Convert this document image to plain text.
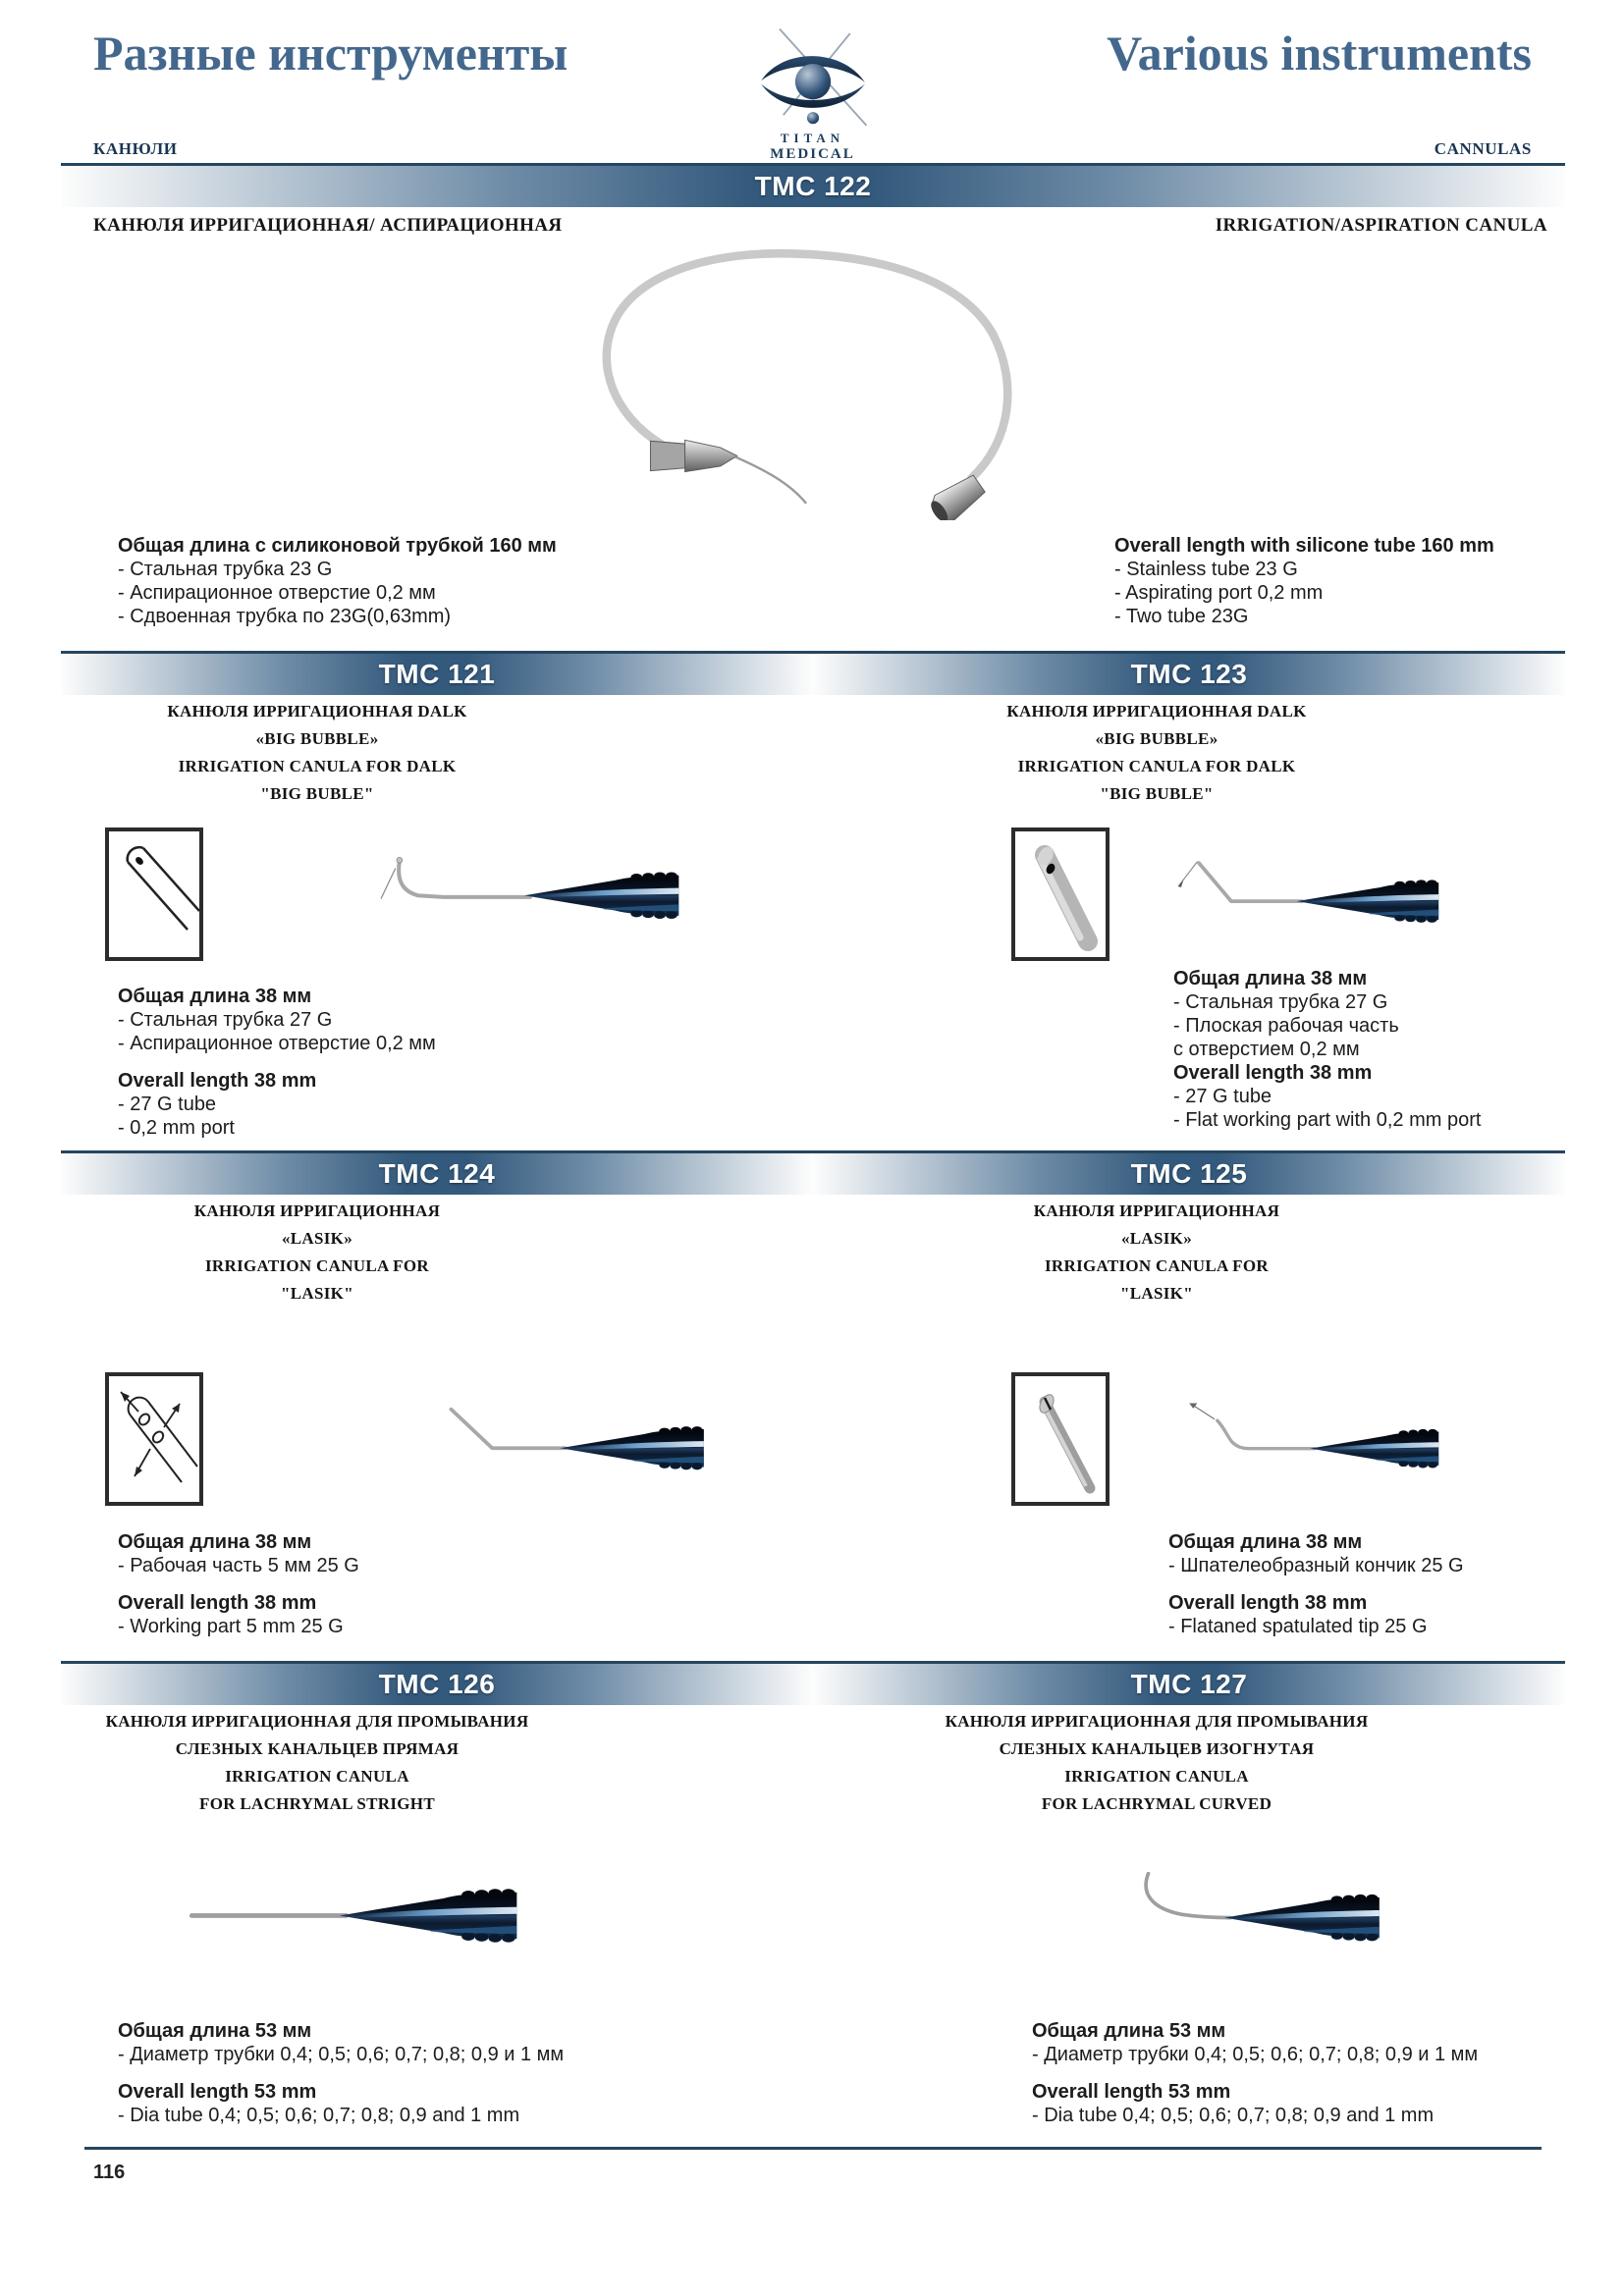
Разные инструменты
КАНЮЛИ
TITAN
MEDICAL
Various instruments
CANNULAS
TMC 122
КАНЮЛЯ ИРРИГАЦИОННАЯ/ АСПИРАЦИОННАЯ	IRRIGATION/ASPIRATION CANULA
Общая длина с силиконовой трубкой 160 мм
- Стальная трубка 23 G
- Аспирационное отверстие 0,2 мм
- Сдвоенная трубка по 23G(0,63mm)
Overall length with silicone tube 160 mm
- Stainless tube 23 G
- Aspirating port 0,2 mm
- Two tube 23G
TMC 121
КАНЮЛЯ ИРРИГАЦИОННАЯ DALK
«BIG BUBBLE»
IRRIGATION CANULA FOR DALK
"BIG BUBLE"
Общая длина 38 мм
- Стальная трубка 27 G
- Аспирационное отверстие 0,2 мм
Overall length 38 mm
- 27 G tube
- 0,2 mm port
TMC 123
КАНЮЛЯ ИРРИГАЦИОННАЯ DALK
«BIG BUBBLE»
IRRIGATION CANULA FOR DALK
"BIG BUBLE"
Общая длина 38 мм
- Стальная трубка 27 G
- Плоская рабочая часть
с отверстием 0,2 мм
Overall length 38 mm
- 27 G tube
- Flat working part with 0,2 mm port
TMC 124
КАНЮЛЯ ИРРИГАЦИОННАЯ
«LASIK»
IRRIGATION CANULA FOR
"LASIK"
Общая длина 38 мм
- Рабочая часть 5 мм 25 G
Overall length 38 mm
- Working part 5 mm 25 G
TMC 125
КАНЮЛЯ ИРРИГАЦИОННАЯ
«LASIK»
IRRIGATION CANULA FOR
"LASIK"
Общая длина 38 мм
- Шпателеобразный кончик 25 G
Overall length 38 mm
- Flataned spatulated tip 25 G
TMC 126
КАНЮЛЯ ИРРИГАЦИОННАЯ ДЛЯ ПРОМЫВАНИЯ
СЛЕЗНЫХ КАНАЛЬЦЕВ ПРЯМАЯ
IRRIGATION CANULA
FOR LACHRYMAL STRIGHT
Общая длина 53 мм
- Диаметр трубки 0,4; 0,5; 0,6; 0,7; 0,8; 0,9 и 1 мм
Overall length 53 mm
- Dia tube 0,4; 0,5; 0,6; 0,7; 0,8; 0,9 and 1 mm
TMC 127
КАНЮЛЯ ИРРИГАЦИОННАЯ ДЛЯ ПРОМЫВАНИЯ
СЛЕЗНЫХ КАНАЛЬЦЕВ ИЗОГНУТАЯ
IRRIGATION CANULA
FOR LACHRYMAL CURVED
Общая длина 53 мм
- Диаметр трубки 0,4; 0,5; 0,6; 0,7; 0,8; 0,9 и 1 мм
Overall length 53 mm
- Dia tube 0,4; 0,5; 0,6; 0,7; 0,8; 0,9 and 1 mm
116
